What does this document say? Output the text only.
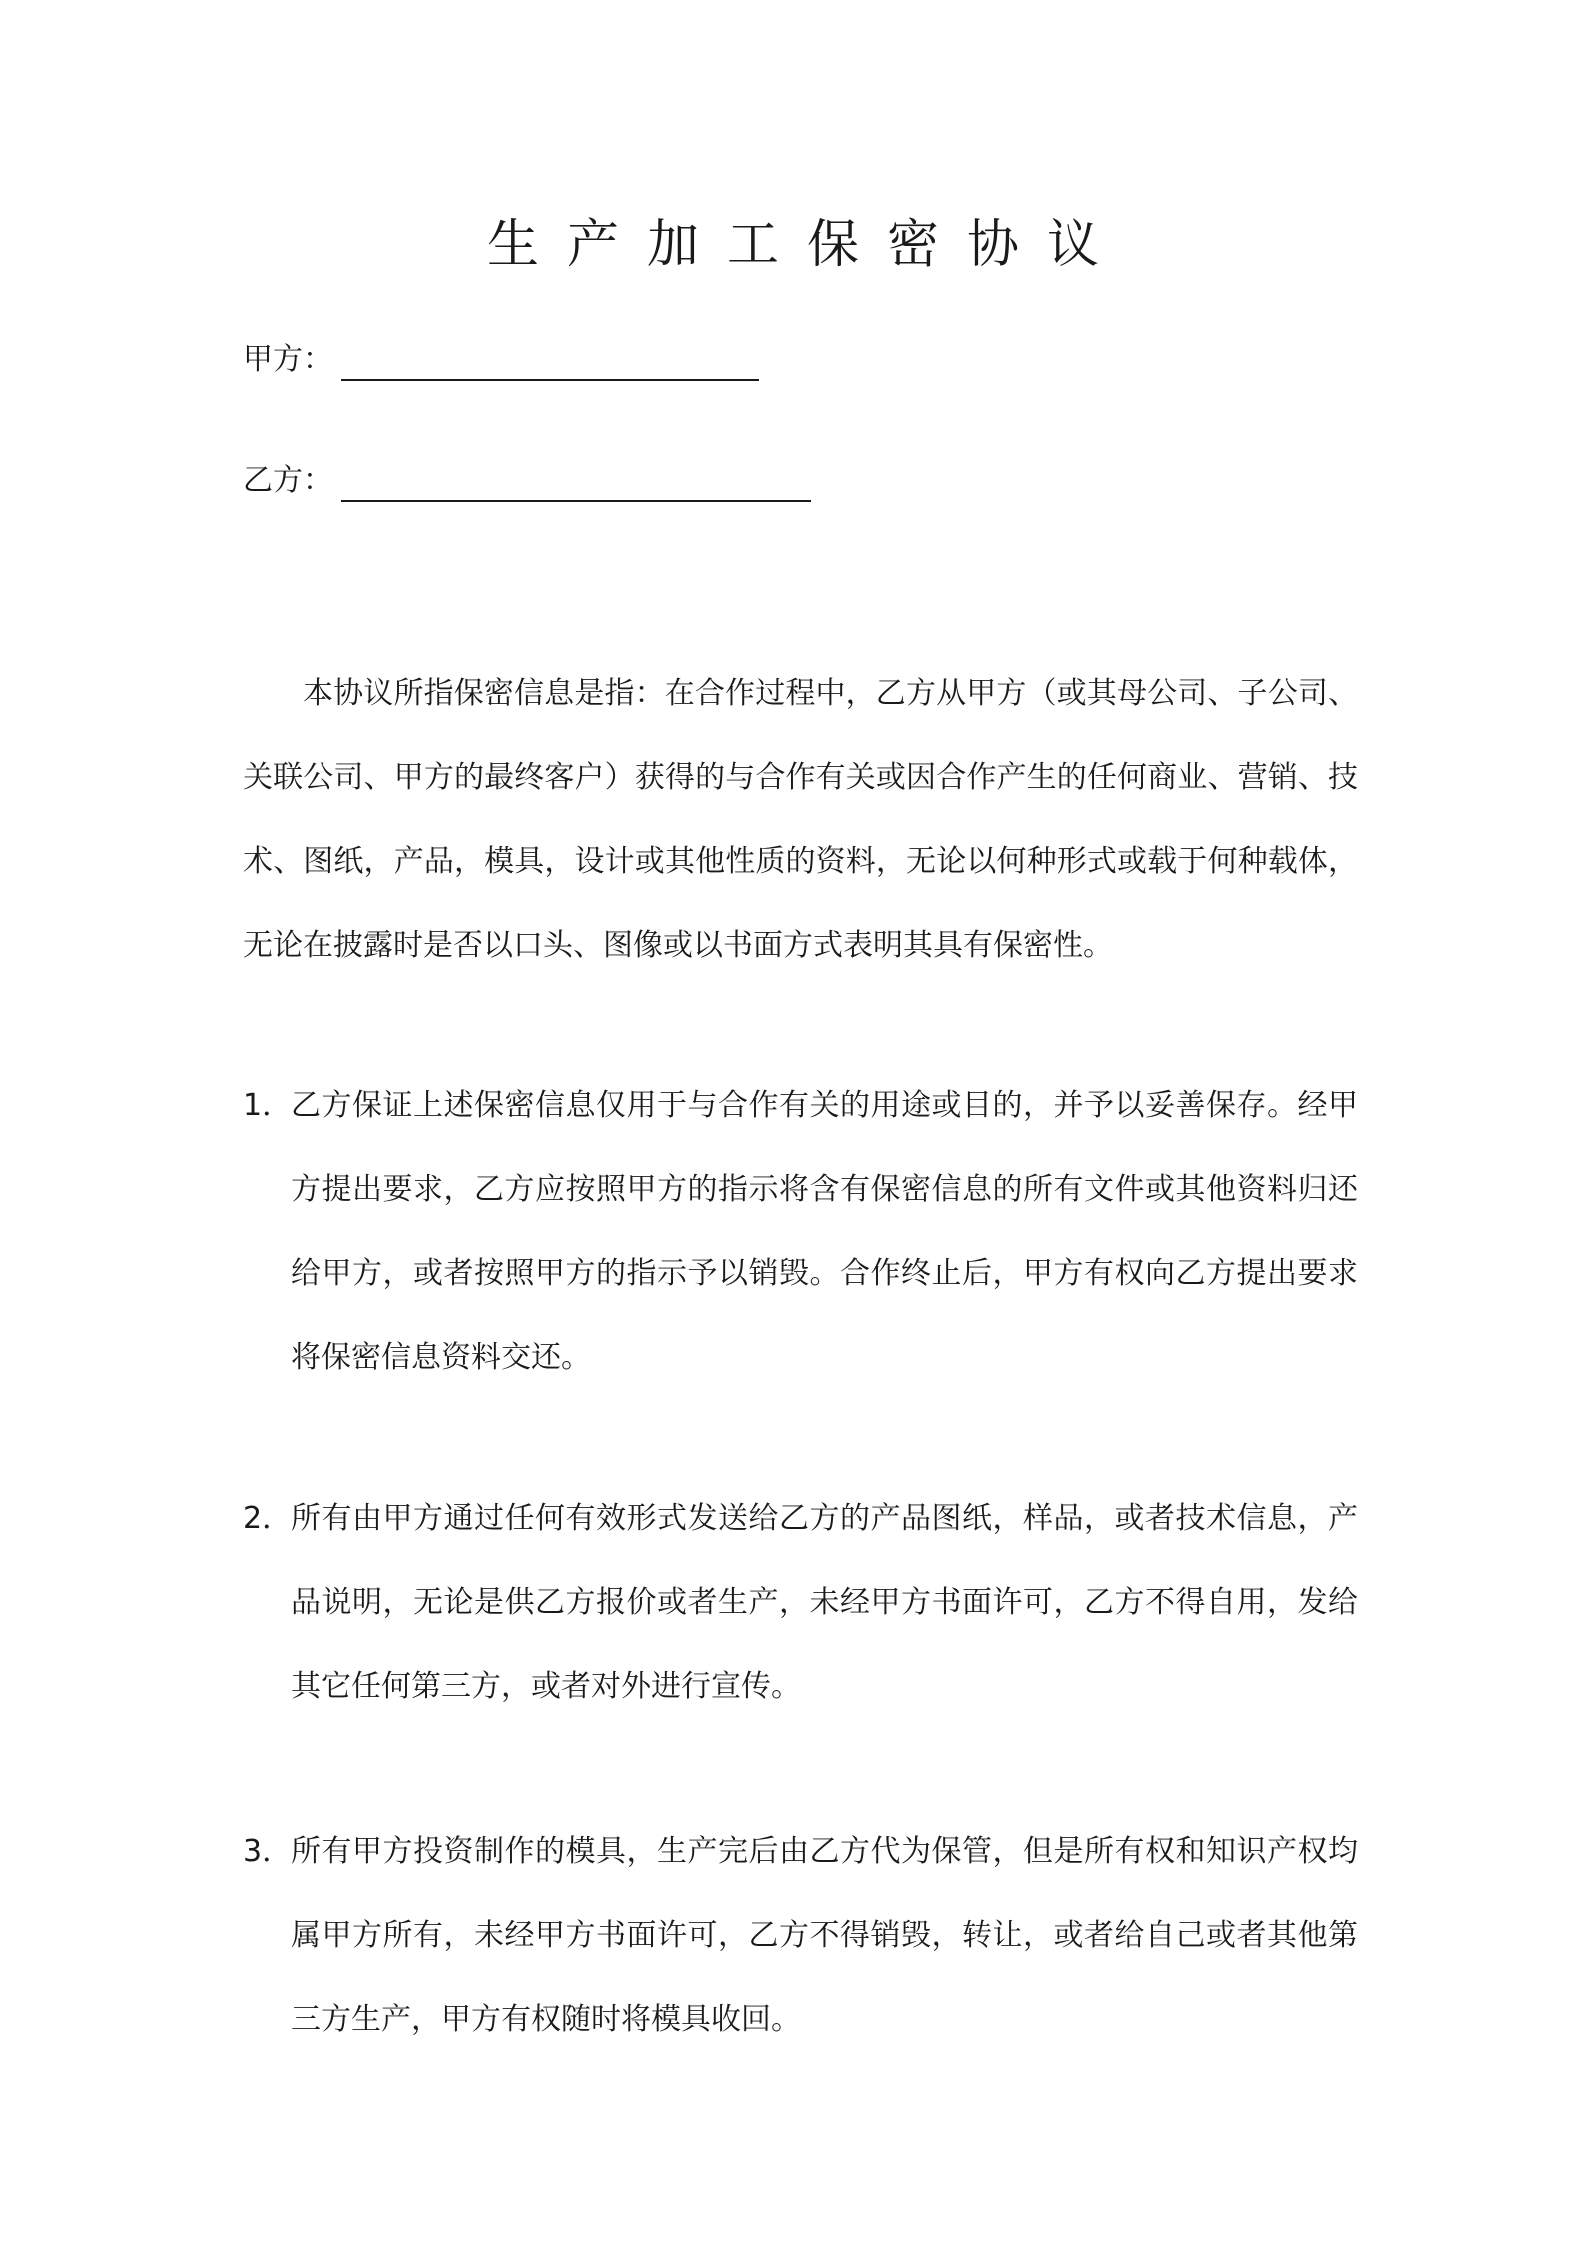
生产加工保密协议
甲方：
乙方：

本协议所指保密信息是指：在合作过程中，乙方从甲方（或其母公司、子公司、关联公司、甲方的最终客户）获得的与合作有关或因合作产生的任何商业、营销、技术、图纸，产品，模具，设计或其他性质的资料，无论以何种形式或载于何种载体，无论在披露时是否以口头、图像或以书面方式表明其具有保密性。

1．
乙方保证上述保密信息仅用于与合作有关的用途或目的，并予以妥善保存。经甲方提出要求，乙方应按照甲方的指示将含有保密信息的所有文件或其他资料归还给甲方，或者按照甲方的指示予以销毁。合作终止后，甲方有权向乙方提出要求将保密信息资料交还。
2．
所有由甲方通过任何有效形式发送给乙方的产品图纸，样品，或者技术信息，产品说明，无论是供乙方报价或者生产，未经甲方书面许可，乙方不得自用，发给其它任何第三方，或者对外进行宣传。
3．
所有甲方投资制作的模具，生产完后由乙方代为保管，但是所有权和知识产权均属甲方所有，未经甲方书面许可，乙方不得销毁，转让，或者给自己或者其他第三方生产，甲方有权随时将模具收回。
